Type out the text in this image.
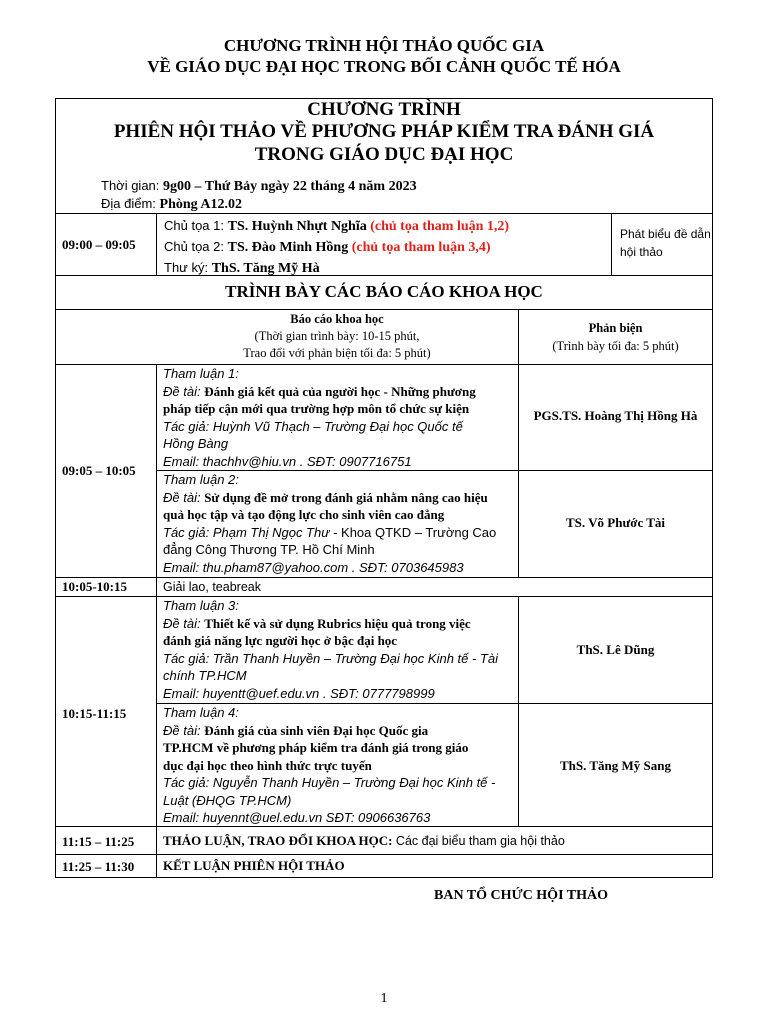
CHƯƠNG TRÌNH HỘI THẢO QUỐC GIA
VỀ GIÁO DỤC ĐẠI HỌC TRONG BỐI CẢNH QUỐC TẾ HÓA
CHƯƠNG TRÌNH
PHIÊN HỘI THẢO VỀ PHƯƠNG PHÁP KIỂM TRA ĐÁNH GIÁ
TRONG GIÁO DỤC ĐẠI HỌC
Thời gian: 9g00 – Thứ Bảy ngày 22 tháng 4 năm 2023
Địa điểm: Phòng A12.02
09:00 – 09:05
Chủ tọa 1: TS. Huỳnh Nhựt Nghĩa (chủ tọa tham luận 1,2)
Chủ tọa 2: TS. Đào Minh Hồng (chủ tọa tham luận 3,4)
Thư ký: ThS. Tăng Mỹ Hà
Phát biểu đề dẫn
hội thảo
TRÌNH BÀY CÁC BÁO CÁO KHOA HỌC
Báo cáo khoa học
(Thời gian trình bày: 10-15 phút,
Trao đổi với phản biện tối đa: 5 phút)
Phản biện
(Trình bày tối đa: 5 phút)
09:05 – 10:05
Tham luận 1:
Đề tài: Đánh giá kết quả của người học - Những phương
pháp tiếp cận mới qua trường hợp môn tổ chức sự kiện
Tác giả: Huỳnh Vũ Thạch – Trường Đại học Quốc tế
Hồng Bàng
Email: thachhv@hiu.vn . SĐT: 0907716751
PGS.TS. Hoàng Thị Hồng Hà
Tham luận 2:
Đề tài: Sử dụng đề mở trong đánh giá nhằm nâng cao hiệu
quả học tập và tạo động lực cho sinh viên cao đẳng
Tác giả: Phạm Thị Ngọc Thư - Khoa QTKD – Trường Cao
đẳng Công Thương TP. Hồ Chí Minh
Email: thu.pham87@yahoo.com . SĐT: 0703645983
TS. Võ Phước Tài
10:05-10:15	Giải lao, teabreak
10:15-11:15
Tham luận 3:
Đề tài: Thiết kế và sử dụng Rubrics hiệu quả trong việc
đánh giá năng lực người học ở bậc đại học
Tác giả: Trần Thanh Huyền – Trường Đại học Kinh tế - Tài
chính TP.HCM
Email: huyentt@uef.edu.vn . SĐT: 0777798999
ThS. Lê Dũng
Tham luận 4:
Đề tài: Đánh giá của sinh viên Đại học Quốc gia
TP.HCM về phương pháp kiểm tra đánh giá trong giáo
dục đại học theo hình thức trực tuyến
Tác giả: Nguyễn Thanh Huyền – Trường Đại học Kinh tế -
Luật (ĐHQG TP.HCM)
Email: huyennt@uel.edu.vn SĐT: 0906636763
ThS. Tăng Mỹ Sang
11:15 – 11:25 THẢO LUẬN, TRAO ĐỔI KHOA HỌC: Các đại biểu tham gia hội thảo
11:25 – 11:30 KẾT LUẬN PHIÊN HỘI THẢO
BAN TỔ CHỨC HỘI THẢO
1
